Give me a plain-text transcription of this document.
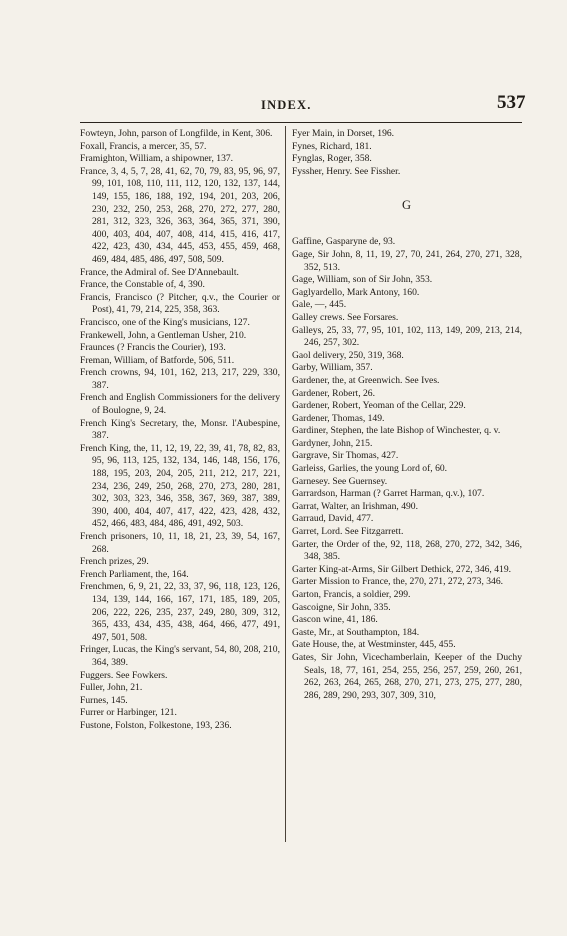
INDEX.	537

Fowteyn, John, parson of Longfilde, in Kent, 306.

Foxall, Francis, a mercer, 35, 57.

Framighton, William, a shipowner, 137.

France, 3, 4, 5, 7, 28, 41, 62, 70, 79, 83, 95, 96, 97, 99, 101, 108, 110, 111, 112, 120, 132, 137, 144, 149, 155, 186, 188, 192, 194, 201, 203, 206, 230, 232, 250, 253, 268, 270, 272, 277, 280, 281, 312, 323, 326, 363, 364, 365, 371, 390, 400, 403, 404, 407, 408, 414, 415, 416, 417, 422, 423, 430, 434, 445, 453, 455, 459, 468, 469, 484, 485, 486, 497, 508, 509.

France, the Admiral of. See D'Annebault.

France, the Constable of, 4, 390.

Francis, Francisco (? Pitcher, q.v., the Courier or Post), 41, 79, 214, 225, 358, 363.

Francisco, one of the King's musicians, 127.

Frankewell, John, a Gentleman Usher, 210.

Fraunces (? Francis the Courier), 193.

Freman, William, of Batforde, 506, 511.

French crowns, 94, 101, 162, 213, 217, 229, 330, 387.

French and English Commissioners for the delivery of Boulogne, 9, 24.

French King's Secretary, the, Monsr. l'Aubespine, 387.

French King, the, 11, 12, 19, 22, 39, 41, 78, 82, 83, 95, 96, 113, 125, 132, 134, 146, 148, 156, 176, 188, 195, 203, 204, 205, 211, 212, 217, 221, 234, 236, 249, 250, 268, 270, 273, 280, 281, 302, 303, 323, 346, 358, 367, 369, 387, 389, 390, 400, 404, 407, 417, 422, 423, 428, 432, 452, 466, 483, 484, 486, 491, 492, 503.

French prisoners, 10, 11, 18, 21, 23, 39, 54, 167, 268.

French prizes, 29.

French Parliament, the, 164.

Frenchmen, 6, 9, 21, 22, 33, 37, 96, 118, 123, 126, 134, 139, 144, 166, 167, 171, 185, 189, 205, 206, 222, 226, 235, 237, 249, 280, 309, 312, 365, 433, 434, 435, 438, 464, 466, 477, 491, 497, 501, 508.

Fringer, Lucas, the King's servant, 54, 80, 208, 210, 364, 389.

Fuggers. See Fowkers.

Fuller, John, 21.

Furnes, 145.

Furrer or Harbinger, 121.

Fustone, Folston, Folkestone, 193, 236.

Fyer Main, in Dorset, 196.

Fynes, Richard, 181.

Fynglas, Roger, 358.

Fyssher, Henry. See Fissher.

G

Gaffine, Gasparyne de, 93.

Gage, Sir John, 8, 11, 19, 27, 70, 241, 264, 270, 271, 328, 352, 513.

Gage, William, son of Sir John, 353.

Gaglyardello, Mark Antony, 160.

Gale, —, 445.

Galley crews. See Forsares.

Galleys, 25, 33, 77, 95, 101, 102, 113, 149, 209, 213, 214, 246, 257, 302.

Gaol delivery, 250, 319, 368.

Garby, William, 357.

Gardener, the, at Greenwich. See Ives.

Gardener, Robert, 26.

Gardener, Robert, Yeoman of the Cellar, 229.

Gardener, Thomas, 149.

Gardiner, Stephen, the late Bishop of Winchester, q. v.

Gardyner, John, 215.

Gargrave, Sir Thomas, 427.

Garleiss, Garlies, the young Lord of, 60.

Garnesey. See Guernsey.

Garrardson, Harman (? Garret Harman, q.v.), 107.

Garrat, Walter, an Irishman, 490.

Garraud, David, 477.

Garret, Lord. See Fitzgarrett.

Garter, the Order of the, 92, 118, 268, 270, 272, 342, 346, 348, 385.

Garter King-at-Arms, Sir Gilbert Dethick, 272, 346, 419.

Garter Mission to France, the, 270, 271, 272, 273, 346.

Garton, Francis, a soldier, 299.

Gascoigne, Sir John, 335.

Gascon wine, 41, 186.

Gaste, Mr., at Southampton, 184.

Gate House, the, at Westminster, 445, 455.

Gates, Sir John, Vicechamberlain, Keeper of the Duchy Seals, 18, 77, 161, 254, 255, 256, 257, 259, 260, 261, 262, 263, 264, 265, 268, 270, 271, 273, 275, 277, 280, 286, 289, 290, 293, 307, 309, 310,
